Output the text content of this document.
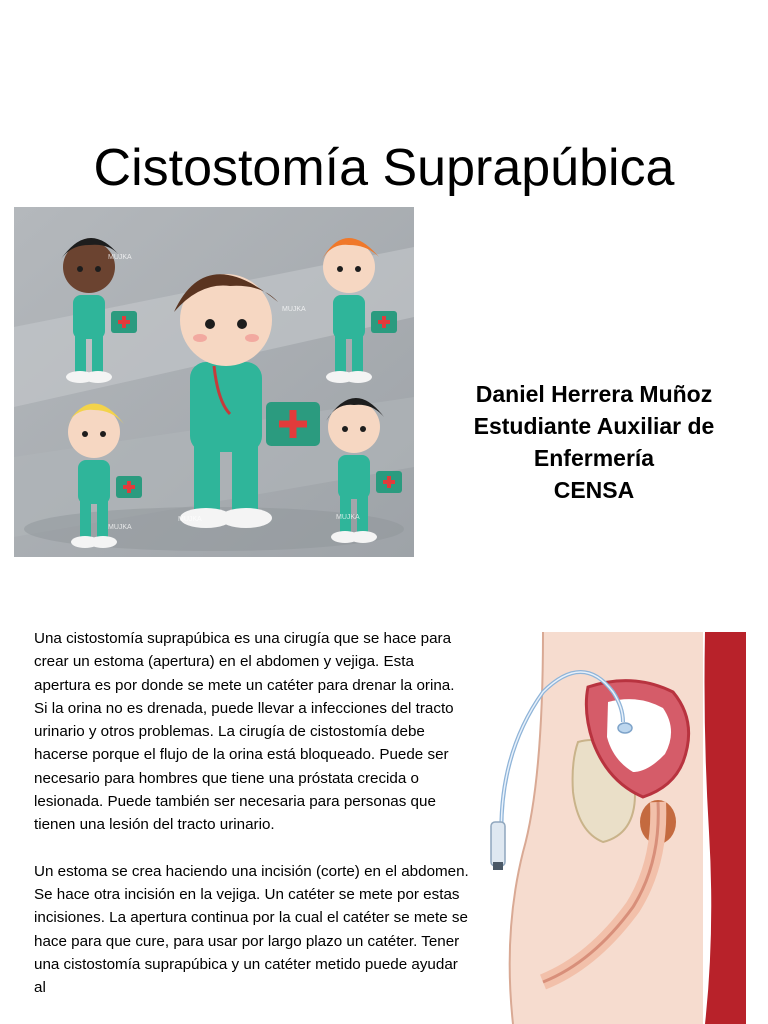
Cistostomía Suprapúbica
MUJKA
MUJKA
MUJKA
MUJKA
MUJKA
Daniel Herrera Muñoz
Estudiante Auxiliar de
Enfermería
CENSA

Una cistostomía suprapúbica es una cirugía que se hace para crear un estoma (apertura) en el abdomen y vejiga. Esta apertura es por donde se mete un catéter para drenar la orina. Si la orina no es drenada, puede llevar a infecciones del tracto urinario y otros problemas. La cirugía de cistostomía debe hacerse porque el flujo de la orina está bloqueado. Puede ser necesario para hombres que tiene una próstata crecida o lesionada. Puede también ser necesaria para personas que tienen una lesión del tracto urinario.

Un estoma se crea haciendo una incisión (corte) en el abdomen. Se hace otra incisión en la vejiga. Un catéter se mete por estas incisiones. La apertura continua por la cual el catéter se mete se hace para que cure, para usar por largo plazo un catéter. Tener una cistostomía suprapúbica y un catéter metido puede ayudar al
